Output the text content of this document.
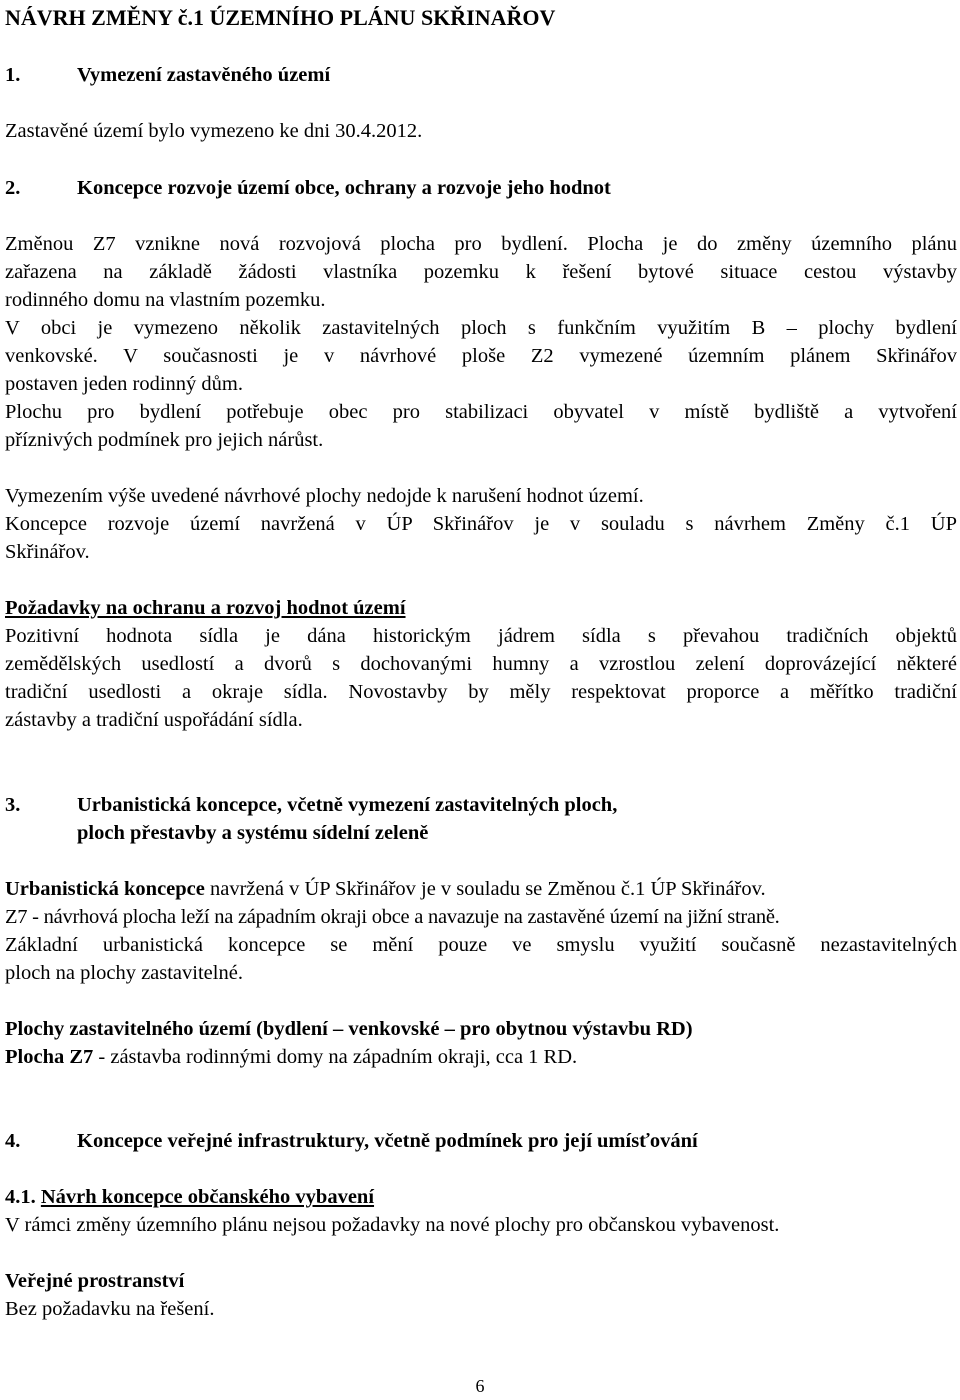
NÁVRH ZMĚNY č.1 ÚZEMNÍHO PLÁNU SKŘINAŘOV
1.	Vymezení zastavěného území
Zastavěné území bylo vymezeno ke dni 30.4.2012.
2.	Koncepce rozvoje území obce, ochrany a rozvoje jeho hodnot
Změnou Z7 vznikne nová rozvojová plocha pro bydlení. Plocha je do změny územního plánu
zařazena na základě žádosti vlastníka pozemku k řešení bytové situace cestou výstavby
rodinného domu na vlastním pozemku.
V obci je vymezeno několik zastavitelných ploch s funkčním využitím B – plochy bydlení
venkovské. V současnosti je v návrhové ploše Z2 vymezené územním plánem Skřinářov
postaven jeden rodinný dům.
Plochu pro bydlení potřebuje obec pro stabilizaci obyvatel v místě bydliště a vytvoření
příznivých podmínek pro jejich nárůst.
Vymezením výše uvedené návrhové plochy nedojde k narušení hodnot území.
Koncepce rozvoje území navržená v ÚP Skřinářov je v souladu s návrhem Změny č.1 ÚP
Skřinářov.
Požadavky na ochranu a rozvoj hodnot území
Pozitivní hodnota sídla je dána historickým jádrem sídla s převahou tradičních objektů
zemědělských usedlostí a dvorů s dochovanými humny a vzrostlou zelení doprovázející některé
tradiční usedlosti a okraje sídla. Novostavby by měly respektovat proporce a měřítko tradiční
zástavby a tradiční uspořádání sídla.
3.	Urbanistická koncepce, včetně vymezení zastavitelných ploch,
ploch přestavby a systému sídelní zeleně
Urbanistická koncepce navržená v ÚP Skřinářov je v souladu se Změnou č.1 ÚP Skřinářov.
Z7 - návrhová plocha leží na západním okraji obce a navazuje na zastavěné území na jižní straně.
Základní urbanistická koncepce se mění pouze ve smyslu využití současně nezastavitelných
ploch na plochy zastavitelné.
Plochy zastavitelného území (bydlení – venkovské – pro obytnou výstavbu RD)
Plocha Z7 - zástavba rodinnými domy na západním okraji, cca 1 RD.
4.	Koncepce veřejné infrastruktury, včetně podmínek pro její umísťování
4.1. Návrh koncepce občanského vybavení
V rámci změny územního plánu nejsou požadavky na nové plochy pro občanskou vybavenost.
Veřejné prostranství
Bez požadavku na řešení.
6
